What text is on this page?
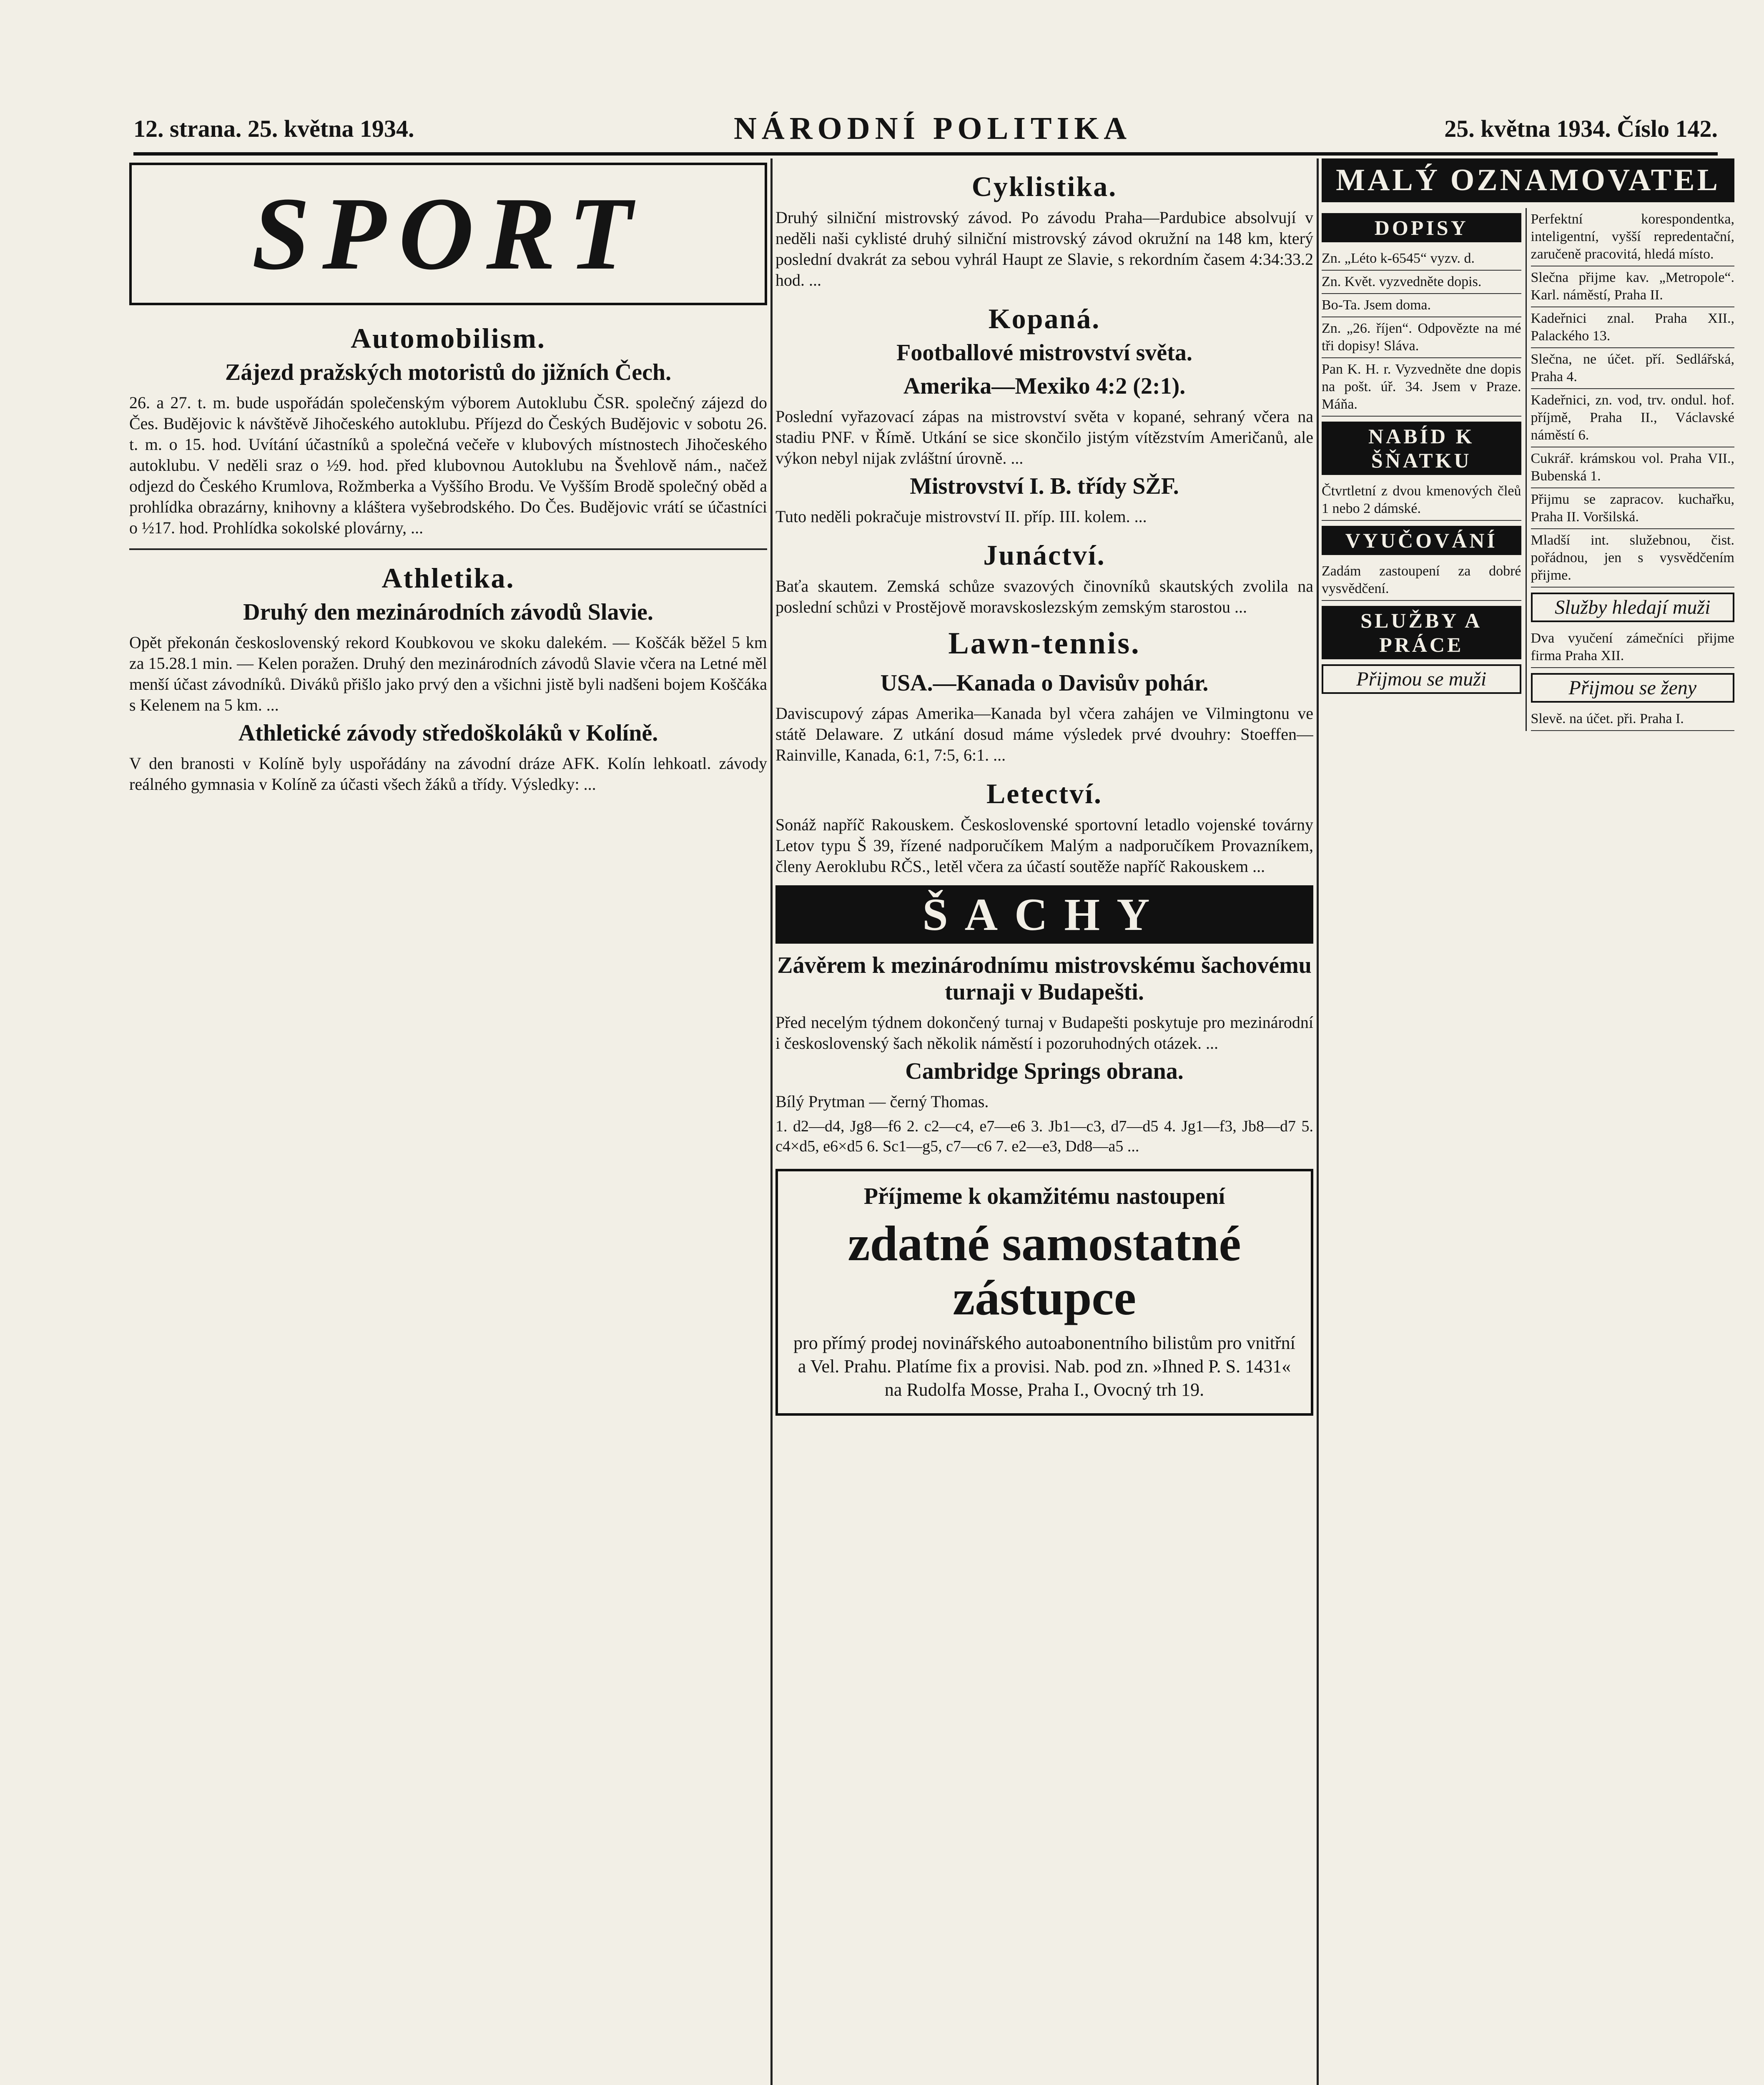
12. strana. 25. května 1934.	NÁRODNÍ POLITIKA	25. května 1934. Číslo 142.
SPORT
Automobilism.
Zájezd pražských motoristů do jižních Čech.

26. a 27. t. m. bude uspořádán společenským výborem Autoklubu ČSR. společný zájezd do Čes. Budějovic k návštěvě Jihočeského autoklubu. Příjezd do Českých Budějovic v sobotu 26. t. m. o 15. hod. Uvítání účastníků a společná večeře v klubových místnostech Jihočeského autoklubu. V neděli sraz o ½9. hod. před klubovnou Autoklubu na Švehlově nám., načež odjezd do Českého Krumlova, Rožmberka a Vyššího Brodu. Ve Vyšším Brodě společný oběd a prohlídka obrazárny, knihovny a kláštera vyšebrodského. Do Čes. Budějovic vrátí se účastníci o ½17. hod. Prohlídka sokolské plovárny, ...

Athletika.
Druhý den mezinárodních závodů Slavie.

Opět překonán československý rekord Koubkovou ve skoku dalekém. — Koščák běžel 5 km za 15.28.1 min. — Kelen poražen. Druhý den mezinárodních závodů Slavie včera na Letné měl menší účast závodníků. Diváků přišlo jako prvý den a všichni jistě byli nadšeni bojem Koščáka s Kelenem na 5 km. ...

Athletické závody středoškoláků v Kolíně.

V den branosti v Kolíně byly uspořádány na závodní dráze AFK. Kolín lehkoatl. závody reálného gymnasia v Kolíně za účasti všech žáků a třídy. Výsledky: ...

Cyklistika.

Druhý silniční mistrovský závod. Po závodu Praha—Pardubice absolvují v neděli naši cyklisté druhý silniční mistrovský závod okružní na 148 km, který poslední dvakrát za sebou vyhrál Haupt ze Slavie, s rekordním časem 4:34:33.2 hod. ...

Kopaná.
Footballové mistrovství světa.
Amerika—Mexiko 4:2 (2:1).

Poslední vyřazovací zápas na mistrovství světa v kopané, sehraný včera na stadiu PNF. v Římě. Utkání se sice skončilo jistým vítězstvím Američanů, ale výkon nebyl nijak zvláštní úrovně. ...

Mistrovství I. B. třídy SŽF.

Tuto neděli pokračuje mistrovství II. příp. III. kolem. ...

Junáctví.

Baťa skautem. Zemská schůze svazových činovníků skautských zvolila na poslední schůzi v Prostějově moravskoslezským zemským starostou ...

Lawn-tennis.
USA.—Kanada o Davisův pohár.

Daviscupový zápas Amerika—Kanada byl včera zahájen ve Vilmingtonu ve státě Delaware. Z utkání dosud máme výsledek prvé dvouhry: Stoeffen—Rainville, Kanada, 6:1, 7:5, 6:1. ...

Letectví.

Sonáž napříč Rakouskem. Československé sportovní letadlo vojenské továrny Letov typu Š 39, řízené nadporučíkem Malým a nadporučíkem Provazníkem, členy Aeroklubu RČS., letěl včera za účastí soutěže napříč Rakouskem ...

ŠACHY
Závěrem k mezinárodnímu mistrovskému šachovému turnaji v Budapešti.

Před necelým týdnem dokončený turnaj v Budapešti poskytuje pro mezinárodní i československý šach několik náměstí i pozoruhodných otázek. ...

Cambridge Springs obrana.

Bílý Prytman — černý Thomas.

1. d2—d4, Jg8—f6 2. c2—c4, e7—e6 3. Jb1—c3, d7—d5 4. Jg1—f3, Jb8—d7 5. c4×d5, e6×d5 6. Sc1—g5, c7—c6 7. e2—e3, Dd8—a5 ...

Příjmeme k okamžitému nastoupení
zdatné samostatné zástupce
pro přímý prodej novinářského autoabonentního bilistům pro vnitřní a Vel. Prahu. Platíme fix a provisi. Nab. pod zn. »Ihned P. S. 1431« na Rudolfa Mosse, Praha I., Ovocný trh 19.
MALÝ OZNAMOVATEL
DOPISY
Zn. „Léto k-6545“ vyzv. d.
Zn. Květ. vyzvedněte dopis.
Bo-Ta. Jsem doma.
Zn. „26. říjen“. Odpovězte na mé tři dopisy! Sláva.
Pan K. H. r. Vyzvedněte dne dopis na pošt. úř. 34. Jsem v Praze. Máňa.
NABÍD K ŠŇATKU
Čtvrtletní z dvou kmenových čleů 1 nebo 2 dámské.
VYUČOVÁNÍ
Zadám zastoupení za dobré vysvědčení.
SLUŽBY A PRÁCE
Přijmou se muži
Perfektní korespondentka, inteligentní, vyšší repredentační, zaručeně pracovitá, hledá místo.
Slečna přijme kav. „Metropole“. Karl. náměstí, Praha II.
Kadeřnici znal. Praha XII., Palackého 13.
Slečna, ne účet. pří. Sedlářská, Praha 4.
Kadeřnici, zn. vod, trv. ondul. hof. příjmě, Praha II., Václavské náměstí 6.
Cukrář. krámskou vol. Praha VII., Bubenská 1.
Přijmu se zapracov. kuchařku, Praha II. Voršilská.
Mladší int. služebnou, čist. pořádnou, jen s vysvědčením přijme.
Služby hledají muži
Dva vyučení zámečníci přijme firma Praha XII.
Přijmou se ženy
Slevě. na účet. při. Praha I.
